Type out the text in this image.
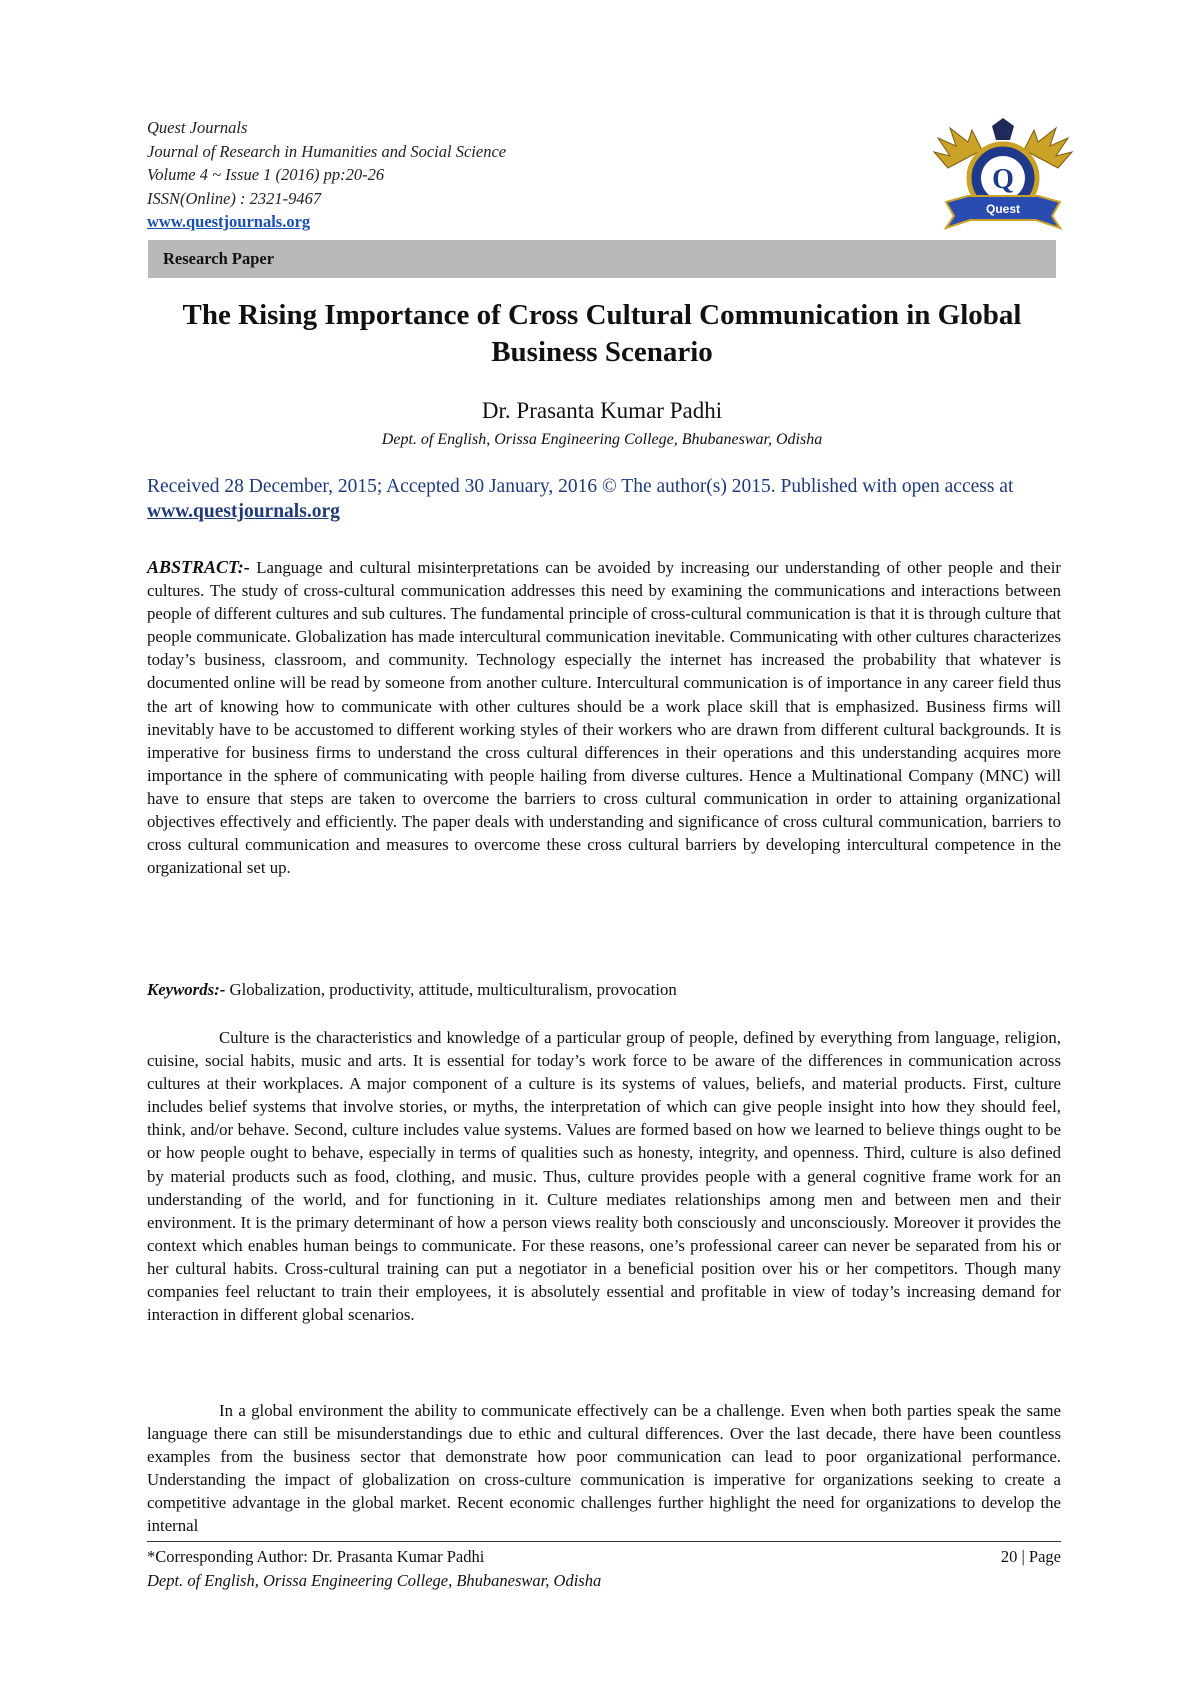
Quest Journals
Journal of Research in Humanities and Social Science
Volume 4 ~ Issue 1 (2016) pp:20-26
ISSN(Online) : 2321-9467
www.questjournals.org
Q
Quest
Research Paper
The Rising Importance of Cross Cultural Communication in Global Business Scenario
Dr. Prasanta Kumar Padhi
Dept. of English, Orissa Engineering College, Bhubaneswar, Odisha
Received 28 December, 2015; Accepted 30 January, 2016 © The author(s) 2015. Published with open access at www.questjournals.org
ABSTRACT:- Language and cultural misinterpretations can be avoided by increasing our understanding of other people and their cultures. The study of cross-cultural communication addresses this need by examining the communications and interactions between people of different cultures and sub cultures. The fundamental principle of cross-cultural communication is that it is through culture that people communicate. Globalization has made intercultural communication inevitable. Communicating with other cultures characterizes today’s business, classroom, and community. Technology especially the internet has increased the probability that whatever is documented online will be read by someone from another culture. Intercultural communication is of importance in any career field thus the art of knowing how to communicate with other cultures should be a work place skill that is emphasized. Business firms will inevitably have to be accustomed to different working styles of their workers who are drawn from different cultural backgrounds. It is imperative for business firms to understand the cross cultural differences in their operations and this understanding acquires more importance in the sphere of communicating with people hailing from diverse cultures. Hence a Multinational Company (MNC) will have to ensure that steps are taken to overcome the barriers to cross cultural communication in order to attaining organizational objectives effectively and efficiently. The paper deals with understanding and significance of cross cultural communication, barriers to cross cultural communication and measures to overcome these cross cultural barriers by developing intercultural competence in the organizational set up.
Keywords:- Globalization, productivity, attitude, multiculturalism, provocation
Culture is the characteristics and knowledge of a particular group of people, defined by everything from language, religion, cuisine, social habits, music and arts. It is essential for today’s work force to be aware of the differences in communication across cultures at their workplaces. A major component of a culture is its systems of values, beliefs, and material products. First, culture includes belief systems that involve stories, or myths, the interpretation of which can give people insight into how they should feel, think, and/or behave. Second, culture includes value systems. Values are formed based on how we learned to believe things ought to be or how people ought to behave, especially in terms of qualities such as honesty, integrity, and openness. Third, culture is also defined by material products such as food, clothing, and music. Thus, culture provides people with a general cognitive frame work for an understanding of the world, and for functioning in it. Culture mediates relationships among men and between men and their environment. It is the primary determinant of how a person views reality both consciously and unconsciously. Moreover it provides the context which enables human beings to communicate. For these reasons, one’s professional career can never be separated from his or her cultural habits. Cross-cultural training can put a negotiator in a beneficial position over his or her competitors. Though many companies feel reluctant to train their employees, it is absolutely essential and profitable in view of today’s increasing demand for interaction in different global scenarios.
In a global environment the ability to communicate effectively can be a challenge. Even when both parties speak the same language there can still be misunderstandings due to ethic and cultural differences. Over the last decade, there have been countless examples from the business sector that demonstrate how poor communication can lead to poor organizational performance. Understanding the impact of globalization on cross-culture communication is imperative for organizations seeking to create a competitive advantage in the global market. Recent economic challenges further highlight the need for organizations to develop the internal
*Corresponding Author: Dr. Prasanta Kumar Padhi	20 | Page
Dept. of English, Orissa Engineering College, Bhubaneswar, Odisha
